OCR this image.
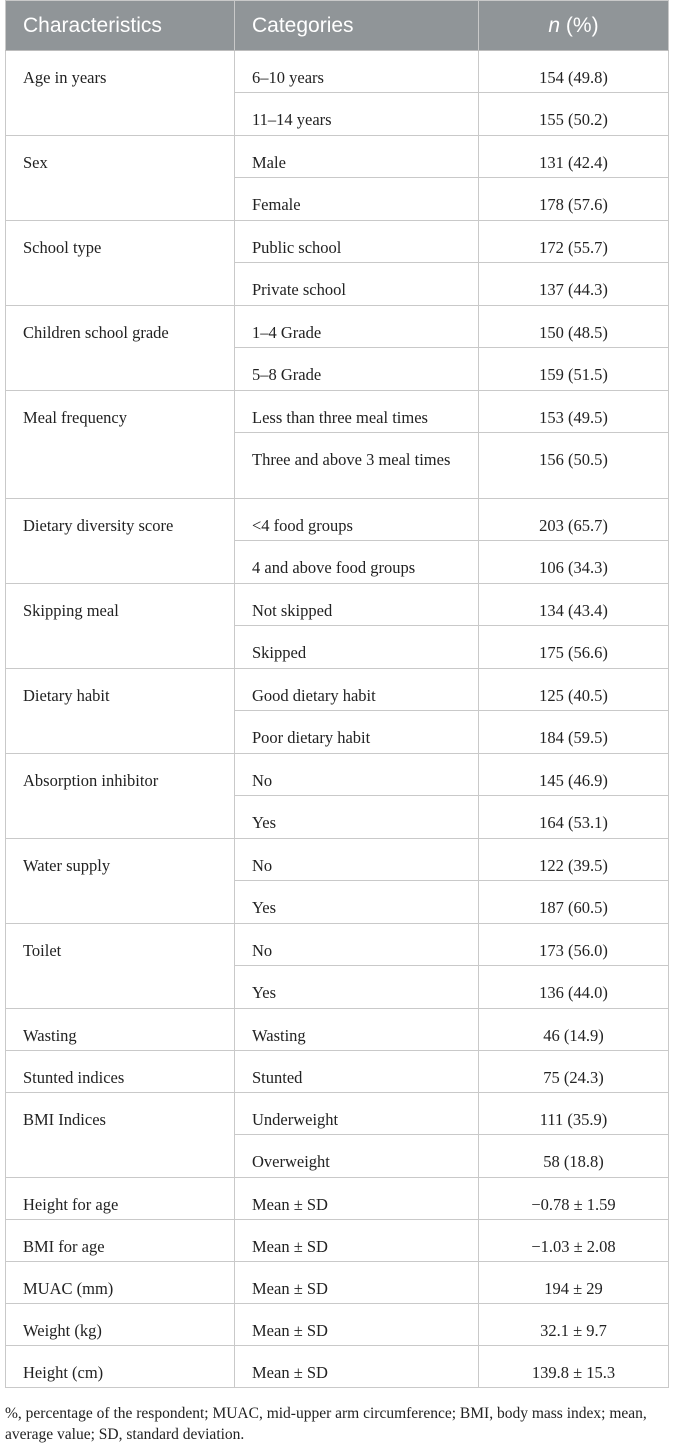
Characteristics	Categories	n (%)
Age in years	6–10 years	154 (49.8)
	11–14 years	155 (50.2)
Sex	Male	131 (42.4)
	Female	178 (57.6)
School type	Public school	172 (55.7)
	Private school	137 (44.3)
Children school grade	1–4 Grade	150 (48.5)
	5–8 Grade	159 (51.5)
Meal frequency	Less than three meal times	153 (49.5)
	Three and above 3 meal times	156 (50.5)
Dietary diversity score	<4 food groups	203 (65.7)
	4 and above food groups	106 (34.3)
Skipping meal	Not skipped	134 (43.4)
	Skipped	175 (56.6)
Dietary habit	Good dietary habit	125 (40.5)
	Poor dietary habit	184 (59.5)
Absorption inhibitor	No	145 (46.9)
	Yes	164 (53.1)
Water supply	No	122 (39.5)
	Yes	187 (60.5)
Toilet	No	173 (56.0)
	Yes	136 (44.0)
Wasting	Wasting	46 (14.9)
Stunted indices	Stunted	75 (24.3)
BMI Indices	Underweight	111 (35.9)
	Overweight	58 (18.8)
Height for age	Mean ± SD	−0.78 ± 1.59
BMI for age	Mean ± SD	−1.03 ± 2.08
MUAC (mm)	Mean ± SD	194 ± 29
Weight (kg)	Mean ± SD	32.1 ± 9.7
Height (cm)	Mean ± SD	139.8 ± 15.3

%, percentage of the respondent; MUAC, mid-upper arm circumference; BMI, body mass index; mean, average value; SD, standard deviation.
